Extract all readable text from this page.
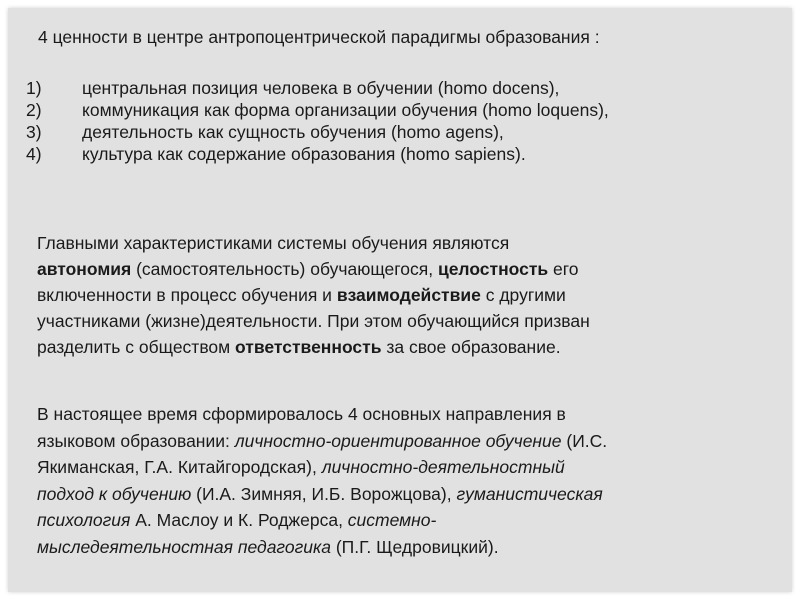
4 ценности в центре антропоцентрической парадигмы образования :
1)	центральная позиция человека в обучении (homo docens),
2)	коммуникация как форма организации обучения (homo loquens),
3)	деятельность как сущность обучения (homo agens),
4)	культура как содержание образования (homo sapiens).

Главными характеристиками системы обучения являются
автономия (самостоятельность) обучающегося, целостность его
включенности в процесс обучения и взаимодействие с другими
участниками (жизне)деятельности. При этом обучающийся призван
разделить с обществом ответственность за свое образование.

В настоящее время сформировалось 4 основных направления в
языковом образовании: личностно-ориентированное обучение (И.С.
Якиманская, Г.А. Китайгородская), личностно-деятельностный
подход к обучению (И.А. Зимняя, И.Б. Ворожцова), гуманистическая
психология А. Маслоу и К. Роджерса, системно-
мыследеятельностная педагогика (П.Г. Щедровицкий).
